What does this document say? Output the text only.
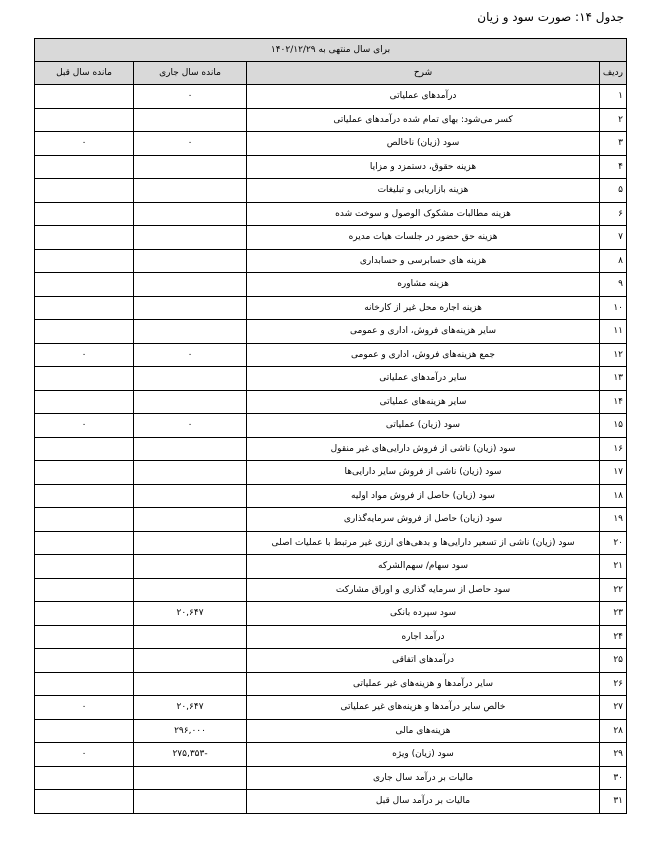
جدول ۱۴: صورت سود و زیان
برای سال منتهی به ۱۴۰۲/۱۲/۲۹			
ردیف	شرح	مانده سال جاری	مانده سال قبل
۱	درآمدهای عملیاتی	۰	
۲	کسر می‌شود: بهای تمام شده درآمدهای عملیاتی		
۳	سود (زیان) ناخالص	۰	۰
۴	هزینه حقوق، دستمزد و مزایا		
۵	هزینه بازاریابی و تبلیغات		
۶	هزینه مطالبات مشکوک الوصول و سوخت شده		
۷	هزینه حق حضور در جلسات هیات مدیره		
۸	هزینه های حسابرسی و حسابداری		
۹	هزینه مشاوره		
۱۰	هزینه اجاره محل غیر از کارخانه		
۱۱	سایر هزینه‌های فروش، اداری و عمومی		
۱۲	جمع هزینه‌های فروش، اداری و عمومی	۰	۰
۱۳	سایر درآمدهای عملیاتی		
۱۴	سایر هزینه‌های عملیاتی		
۱۵	سود (زیان) عملیاتی	۰	۰
۱۶	سود (زیان) ناشی از فروش دارایی‌های غیر منقول		
۱۷	سود (زیان) ناشی از فروش سایر دارایی‌ها		
۱۸	سود (زیان) حاصل از فروش مواد اولیه		
۱۹	سود (زیان) حاصل از فروش سرمایه‌گذاری		
۲۰	سود (زیان) ناشی از تسعیر دارایی‌ها و بدهی‌های ارزی غیر مرتبط با عملیات اصلی		
۲۱	سود سهام/ سهم‌الشرکه		
۲۲	سود حاصل از سرمایه گذاری و اوراق مشارکت		
۲۳	سود سپرده بانکی	۲۰,۶۴۷	
۲۴	درآمد اجاره		
۲۵	درآمدهای اتفاقی		
۲۶	سایر درآمدها و هزینه‌های غیر عملیاتی		
۲۷	خالص سایر درآمدها و هزینه‌های غیر عملیاتی	۲۰,۶۴۷	۰
۲۸	هزینه‌های مالی	۲۹۶,۰۰۰	
۲۹	سود (زیان) ویژه	-۲۷۵,۳۵۳	۰
۳۰	مالیات بر درآمد سال جاری		
۳۱	مالیات بر درآمد سال قبل		
